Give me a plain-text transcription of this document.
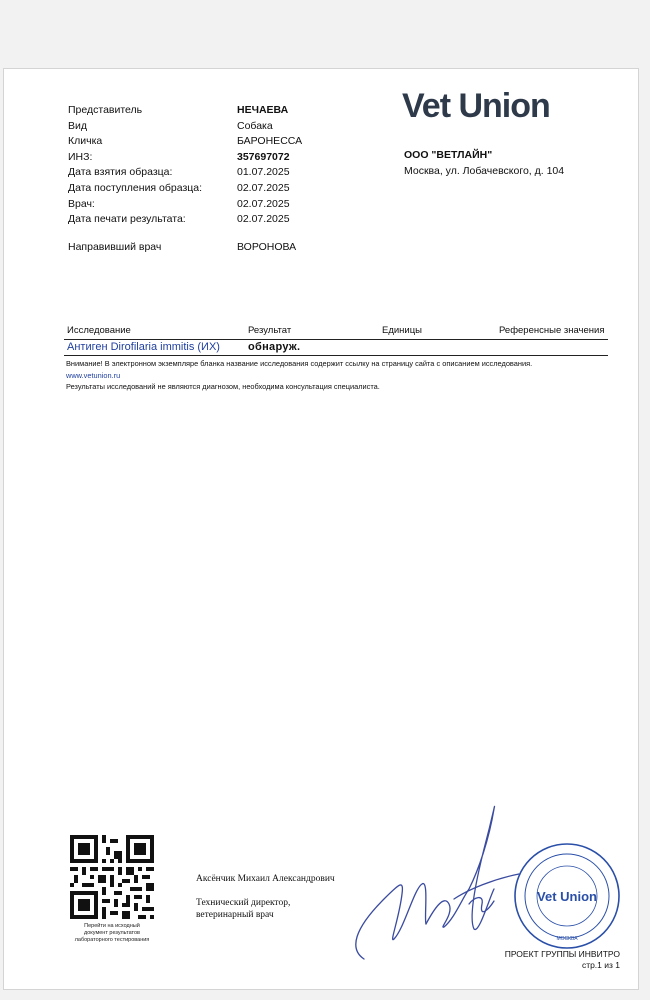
Представитель	НЕЧАЕВА
Вид	Собака
Кличка	БАРОНЕССА
ИНЗ:	357697072
Дата взятия образца:	01.07.2025
Дата поступления образца:	02.07.2025
Врач:	02.07.2025
Дата печати результата:	02.07.2025
Направивший врач	ВОРОНОВА
Vet Union
ООО "ВЕТЛАЙН"
Москва, ул. Лобачевского, д. 104
Исследование	Результат	Единицы	Референсные значения
Антиген Dirofilaria immitis (ИХ)	обнаруж.
Внимание! В электронном экземпляре бланка название исследования содержит ссылку на страницу сайта с описанием исследования.
www.vetunion.ru
Результаты исследований не являются диагнозом, необходима консультация специалиста.
Перейти на исходный
документ результатов
лабораторного тестирования
Аксёнчик Михаил Александрович
Технический директор,
ветеринарный врач
Vet Union
МОСКВА
ПРОЕКТ ГРУППЫ ИНВИТРО
стр.1 из 1
